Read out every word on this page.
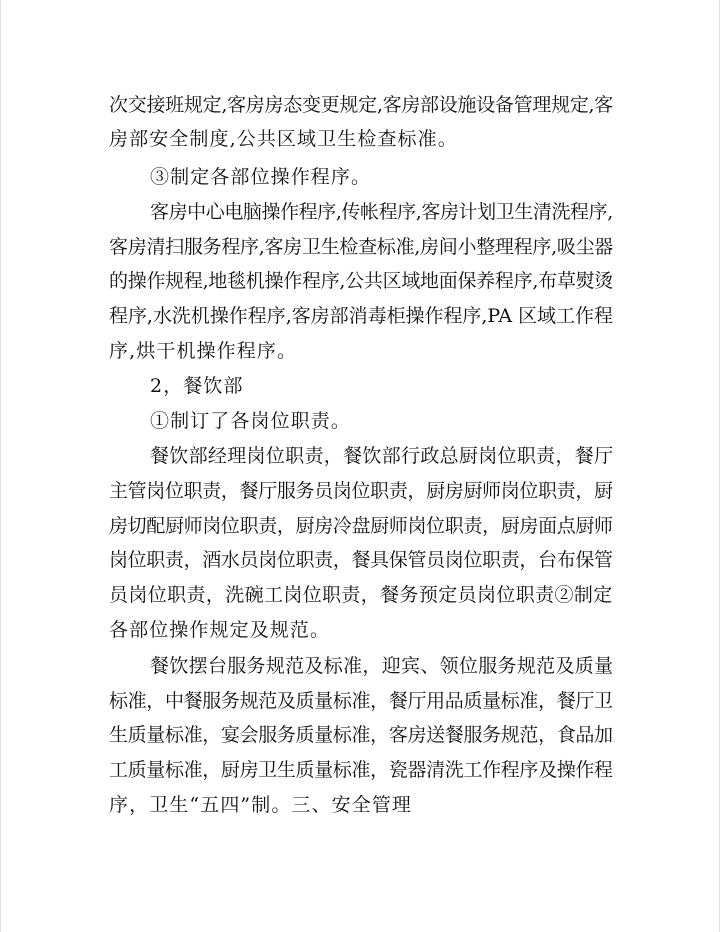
次交接班规定,客房房态变更规定,客房部设施设备管理规定,客
房部安全制度,公共区域卫生检查标准。
③制定各部位操作程序。
客房中心电脑操作程序,传帐程序,客房计划卫生清洗程序,
客房清扫服务程序,客房卫生检查标准,房间小整理程序,吸尘器
的操作规程,地毯机操作程序,公共区域地面保养程序,布草熨烫
程序,水洗机操作程序,客房部消毒柜操作程序,PA 区域工作程
序,烘干机操作程序。
2，餐饮部
①制订了各岗位职责。
餐饮部经理岗位职责，餐饮部行政总厨岗位职责，餐厅
主管岗位职责，餐厅服务员岗位职责，厨房厨师岗位职责，厨
房切配厨师岗位职责，厨房冷盘厨师岗位职责，厨房面点厨师
岗位职责，酒水员岗位职责，餐具保管员岗位职责，台布保管
员岗位职责，洗碗工岗位职责，餐务预定员岗位职责②制定
各部位操作规定及规范。
餐饮摆台服务规范及标准，迎宾、领位服务规范及质量
标准，中餐服务规范及质量标准，餐厅用品质量标准，餐厅卫
生质量标准，宴会服务质量标准，客房送餐服务规范，食品加
工质量标准，厨房卫生质量标准，瓷器清洗工作程序及操作程
序，卫生“五四”制。三、安全管理
